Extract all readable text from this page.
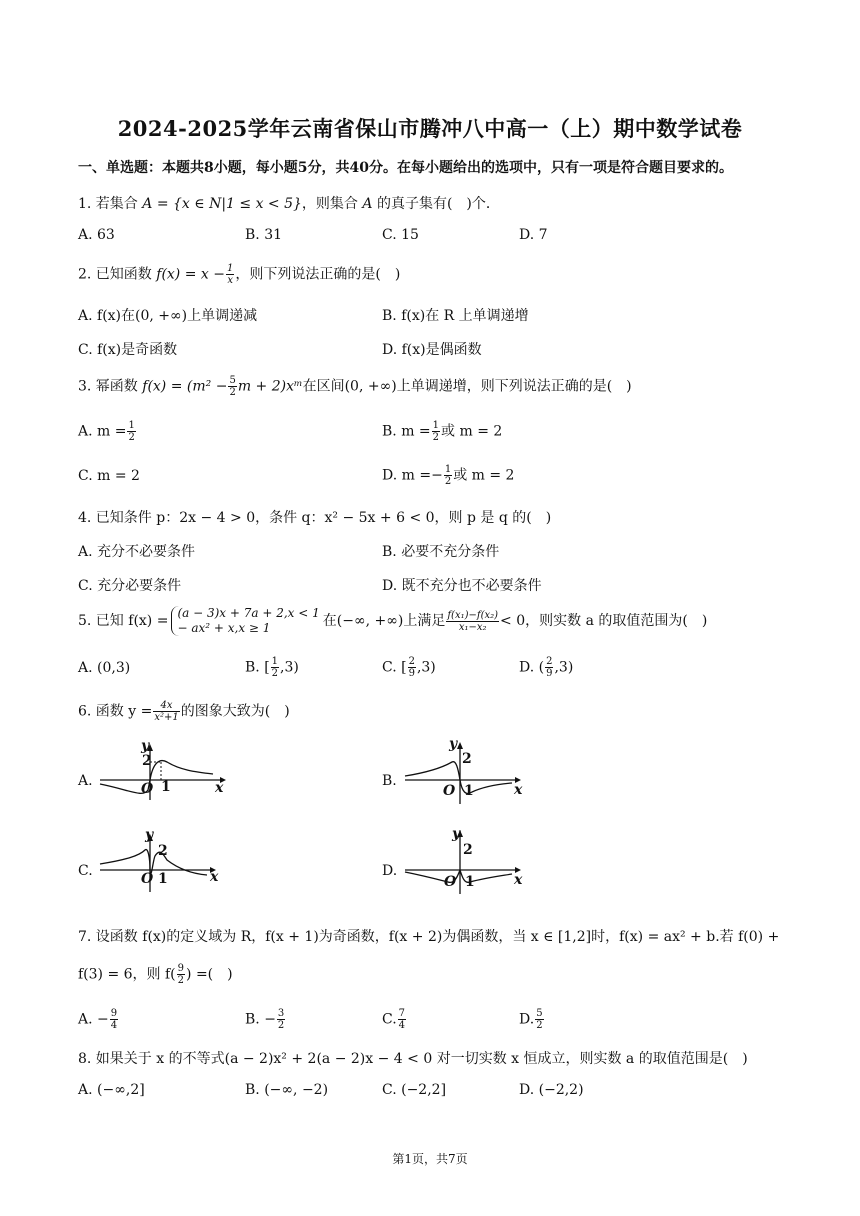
2024-2025学年云南省保山市腾冲八中高一（上）期中数学试卷
一、单选题：本题共8小题，每小题5分，共40分。在每小题给出的选项中，只有一项是符合题目要求的。
1. 若集合 A = {x ∈ N|1 ≤ x < 5}，则集合 A 的真子集有(　)个．
A. 63	B. 31	C. 15	D. 7
2. 已知函数 $f(x) = x - \frac{1}{x}$ ，则下列说法正确的是(　)
A. f(x)在(0, +∞)上单调递减	B. f(x)在 R 上单调递增
C. f(x)是奇函数	D. f(x)是偶函数
3. 幂函数 $f(x) = (m^2 - \frac{5}{2}$ m + 2)xᵐ在区间(0, +∞)上单调递增，则下列说法正确的是(　)
A. $m = \frac{1}{2}$	B. $m = \frac{1}{2}$ 或 m = 2
C. m = 2	D. $m =- \frac{1}{2}$ 或 m = 2
4. 已知条件 p：2x − 4 > 0，条件 q：x² − 5x + 6 < 0，则 p 是 q 的(　)
A. 充分不必要条件	B. 必要不充分条件
C. 充分必要条件	D. 既不充分也不必要条件
5. 已知 f(x) = (a − 3)x + 7a + 2,x < 1
− ax² + x,x ≥ 1	在(−∞, +∞)上满足 $\frac{\text{f(x₁)−f(x₂)}}{\text{x₁−x₂}} < 0$，则实数 a 的取值范围为(　)
A. (0,3)	B. [ $\frac{1}{2} ,3$)	C. [ $\frac{2}{9} ,3$)	D. ( $\frac{2}{9} ,3$)
6. 函数 $y = \frac{4x}{\text{x²+1}}$ 的图象大致为(　)
A.
y
2
O 1	x	B.
y
2
O 1	x
C.
y
2
O 1	x	D.
y
2
O 1	x
7. 设函数 f(x)的定义域为 R，f(x + 1)为奇函数，f(x + 2)为偶函数，当 x ∈ [1,2]时，f(x) = ax² + b.若 f(0) +
f(3) = 6，则 $f( \frac{9}{2}$ ) =(　)
A. − $\frac{9}{4}$	B. − $\frac{3}{2}$	C. $\frac{7}{4}$	D. $\frac{5}{2}$
8. 如果关于 x 的不等式(a − 2)x² + 2(a − 2)x − 4 < 0 对一切实数 x 恒成立，则实数 a 的取值范围是(　)
A. (−∞,2]	B. (−∞, −2)	C. (−2,2]	D. (−2,2)
第1页，共7页
